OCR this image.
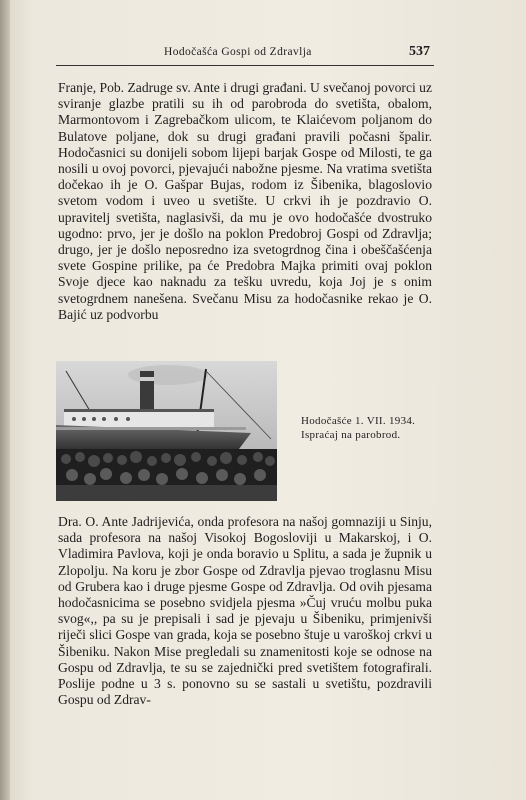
Hodočašća Gospi od Zdravlja	537

Franje, Pob. Zadruge sv. Ante i drugi građani. U svečanoj povorci uz sviranje glazbe pratili su ih od parobroda do svetišta, obalom, Marmontovom i Zagrebačkom ulicom, te Klaićevom poljanom do Bulatove poljane, dok su drugi građani pravili počasni špalir. Hodočasnici su donijeli sobom lijepi barjak Gospe od Milosti, te ga nosili u ovoj povorci, pjevajući nabožne pjesme. Na vratima svetišta dočekao ih je O. Gašpar Bujas, rodom iz Šibenika, blagoslovio svetom vodom i uveo u svetište. U crkvi ih je pozdravio O. upravitelj svetišta, naglasivši, da mu je ovo hodočašće dvostruko ugodno: prvo, jer je došlo na poklon Predobroj Gospi od Zdravlja; drugo, jer je došlo neposredno iza svetogrdnog čina i obeščašćenja svete Gospine prilike, pa će Predobra Majka primiti ovaj poklon Svoje djece kao naknadu za tešku uvredu, koja Joj je s onim svetogrdnem nanešena. Svečanu Misu za hodočasnike rekao je O. Bajić uz podvorbu

Hodočašće 1. VII. 1934.
Ispraćaj na parobrod.

Dra. O. Ante Jadrijevića, onda profesora na našoj gomnaziji u Sinju, sada profesora na našoj Visokoj Bogosloviji u Makarskoj, i O. Vladimira Pavlova, koji je onda boravio u Splitu, a sada je župnik u Zlopolju. Na koru je zbor Gospe od Zdravlja pjevao troglasnu Misu od Grubera kao i druge pjesme Gospe od Zdravlja. Od ovih pjesama hodočasnicima se posebno svidjela pjesma »Čuj vruću molbu puka svog«,, pa su je prepisali i sad je pjevaju u Šibeniku, primjenivši riječi slici Gospe van grada, koja se posebno štuje u varoškoj crkvi u Šibeniku. Nakon Mise pregledali su znamenitosti koje se odnose na Gospu od Zdravlja, te su se zajednički pred svetištem fotografirali. Poslije podne u 3 s. ponovno su se sastali u svetištu, pozdravili Gospu od Zdrav-
